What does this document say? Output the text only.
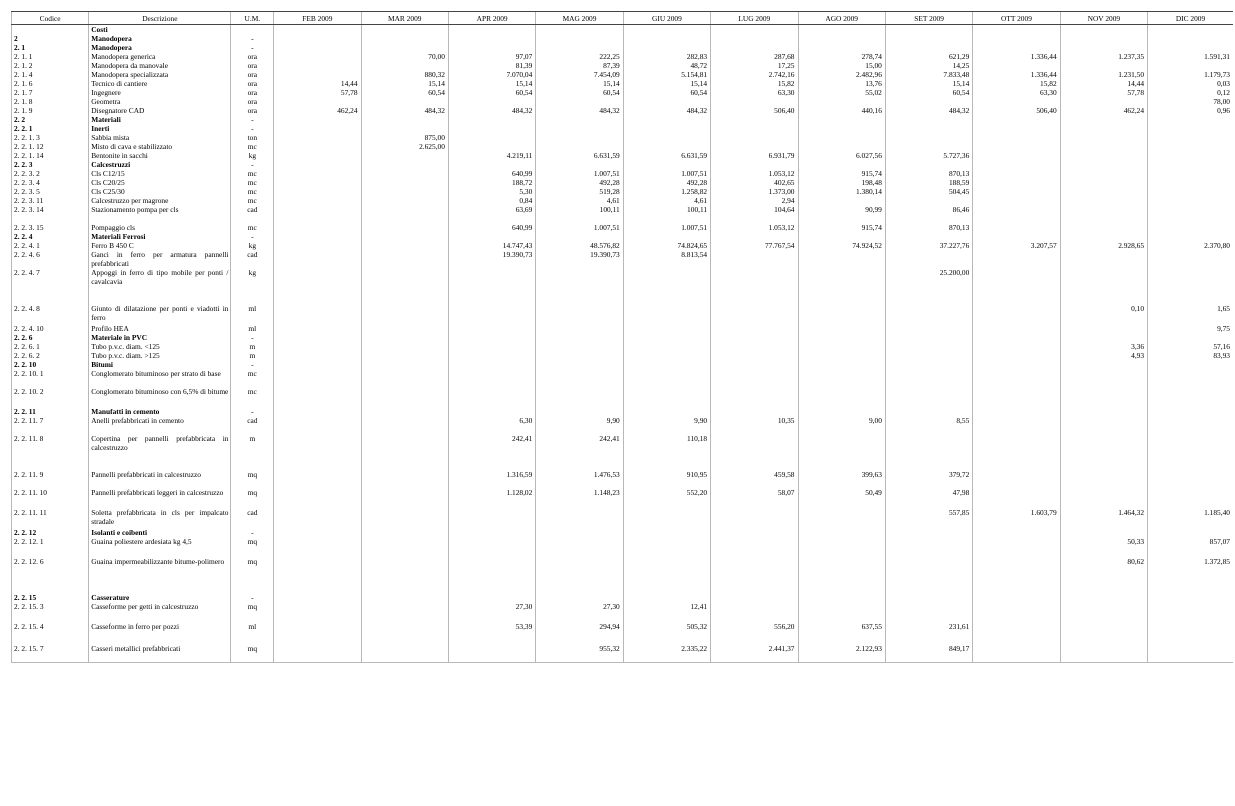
Codice	Descrizione	U.M.	FEB 2009	MAR 2009	APR 2009	MAG 2009	GIU 2009	LUG 2009	AGO 2009	SET 2009	OTT 2009	NOV 2009	DIC 2009
	Costi												
2	Manodopera	-											
2. 1	Manodopera	-											
2. 1. 1	Manodopera generica	ora		70,00	97,07	222,25	282,83	287,68	278,74	621,29	1.336,44	1.237,35	1.591,31
2. 1. 2	Manodopera da manovale	ora			81,39	87,39	48,72	17,25	15,00	14,25			
2. 1. 4	Manodopera specializzata	ora		880,32	7.070,04	7.454,09	5.154,81	2.742,16	2.482,96	7.833,48	1.336,44	1.231,50	1.179,73
2. 1. 6	Tecnico di cantiere	ora	14,44	15,14	15,14	15,14	15,14	15,82	13,76	15,14	15,82	14,44	0,03
2. 1. 7	Ingegnere	ora	57,78	60,54	60,54	60,54	60,54	63,30	55,02	60,54	63,30	57,78	0,12
2. 1. 8	Geometra	ora											78,00
2. 1. 9	Disegnatore CAD	ora	462,24	484,32	484,32	484,32	484,32	506,40	440,16	484,32	506,40	462,24	0,96
2. 2	Materiali	-											
2. 2. 1	Inerti	-											
2. 2. 1. 3	Sabbia mista	ton		875,00									
2. 2. 1. 12	Misto di cava e stabilizzato	mc		2.625,00									
2. 2. 1. 14	Bentonite in sacchi	kg			4.219,11	6.631,59	6.631,59	6.931,79	6.027,56	5.727,36			
2. 2. 3	Calcestruzzi	-											
2. 2. 3. 2	Cls C12/15	mc			640,99	1.007,51	1.007,51	1.053,12	915,74	870,13			
2. 2. 3. 4	Cls C20/25	mc			188,72	492,28	492,28	402,65	198,48	188,59			
2. 2. 3. 5	Cls C25/30	mc			5,30	519,28	1.258,82	1.373,00	1.380,14	504,45			
2. 2. 3. 11	Calcestruzzo per magrone	mc			0,84	4,61	4,61	2,94					
2. 2. 3. 14	Stazionamento pompa per cls	cad			63,69	100,11	100,11	104,64	90,99	86,46			
2. 2. 3. 15	Pompaggio cls	mc			640,99	1.007,51	1.007,51	1.053,12	915,74	870,13			
2. 2. 4	Materiali Ferrosi	-											
2. 2. 4. 1	Ferro B 450 C	kg			14.747,43	48.576,82	74.824,65	77.767,54	74.924,52	37.227,76	3.207,57	2.928,65	2.370,80
2. 2. 4. 6	Ganci in ferro per armatura pannelli prefabbricati	cad			19.390,73	19.390,73	8.813,54						
2. 2. 4. 7	Appoggi in ferro di tipo mobile per ponti / cavalcavia	kg								25.200,00			
2. 2. 4. 8	Giunto di dilatazione per ponti e viadotti in ferro	ml										0,10	1,65
2. 2. 4. 10	Profilo HEA	ml											9,75
2. 2. 6	Materiale in PVC	-											
2. 2. 6. 1	Tubo p.v.c. diam. <125	m										3,36	57,16
2. 2. 6. 2	Tubo p.v.c. diam. >125	m										4,93	83,93
2. 2. 10	Bitumi	-											
2. 2. 10. 1	Conglomerato bituminoso per strato di base	mc											
2. 2. 10. 2	Conglomerato bituminoso con 6,5% di bitume	mc											
2. 2. 11	Manufatti in cemento	-											
2. 2. 11. 7	Anelli prefabbricati in cemento	cad			6,30	9,90	9,90	10,35	9,00	8,55			
2. 2. 11. 8	Copertina per pannelli prefabbricata in calcestruzzo	m			242,41	242,41	110,18						
2. 2. 11. 9	Pannelli prefabbricati in calcestruzzo	mq			1.316,59	1.476,53	910,95	459,58	399,63	379,72			
2. 2. 11. 10	Pannelli prefabbricati leggeri in calcestruzzo	mq			1.128,02	1.148,23	552,20	58,07	50,49	47,98			
2. 2. 11. 11	Soletta prefabbricata in cls per impalcato stradale	cad								557,85	1.603,79	1.464,32	1.185,40
2. 2. 12	Isolanti e coibenti	-											
2. 2. 12. 1	Guaina poliestere ardesiata kg 4,5	mq										50,33	857,07
2. 2. 12. 6	Guaina impermeabilizzante bitume-polimero	mq										80,62	1.372,85
2. 2. 15	Casserature	-											
2. 2. 15. 3	Casseforme per getti in calcestruzzo	mq			27,30	27,30	12,41						
2. 2. 15. 4	Casseforme in ferro per pozzi	ml			53,39	294,94	505,32	556,20	637,55	231,61			
2. 2. 15. 7	Casseri metallici prefabbricati	mq				955,32	2.335,22	2.441,37	2.122,93	849,17			
